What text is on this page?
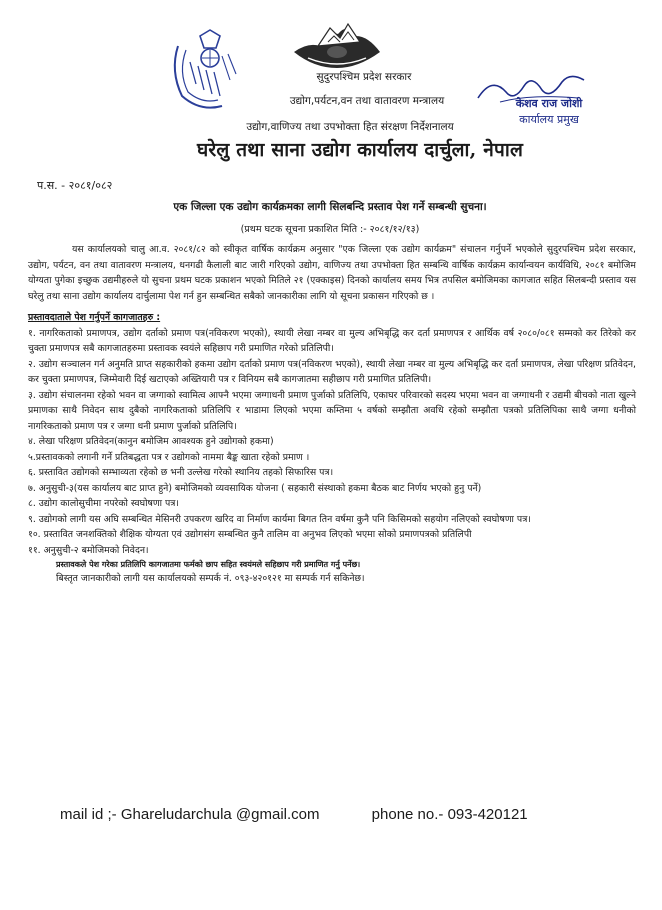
सुदुरपश्चिम प्रदेश सरकार
उद्योग,पर्यटन,वन तथा वातावरण मन्त्रालय
उद्योग,वाणिज्य तथा उपभोक्ता हित संरक्षण निर्देशनालय
घरेलु तथा साना उद्योग कार्यालय दार्चुला, नेपाल
केशव राज जोशी
कार्यालय प्रमुख
प.स. - २०८१/०८२
एक जिल्ला एक उद्योग कार्यक्रमका लागी सिलबन्दि प्रस्ताव पेश गर्ने सम्बन्धी सुचना।
(प्रथम घटक सूचना प्रकाशित मिति :- २०८१/१२/१३)

यस कार्यालयको चालु आ.व. २०८१/८२ को स्वीकृत वार्षिक कार्यक्रम अनुसार "एक जिल्ला एक उद्योग कार्यक्रम" संचालन गर्नुपर्ने भएकोले सुदुरपश्चिम प्रदेश सरकार, उद्योग, पर्यटन, वन तथा वातावरण मन्त्रालय, धनगढी कैलाली बाट जारी गरिएको उद्योग, वाणिज्य तथा उपभोक्ता हित सम्बन्धि वार्षिक कार्यक्रम कार्यान्वयन कार्यविधि, २०८१ बमोजिम योग्यता पुगेका इच्छुक उद्यमीहरुले यो सुचना प्रथम घटक प्रकाशन भएको मितिले २१ (एक्काइस) दिनको कार्यालय समय भित्र तपसिल बमोजिमका कागजात सहित सिलबन्दी प्रस्ताव यस घरेलु तथा साना उद्योग कार्यालय दार्चुलामा पेश गर्न हुन सम्बन्धित सबैको जानकारीका लागि यो सूचना प्रकासन गरिएको छ ।

प्रस्तावदाताले पेश गर्नुपर्ने कागजातहरु :
१. नागरिकताको प्रमाणपत्र, उद्योग दर्ताको प्रमाण पत्र(नविकरण भएको), स्थायी लेखा नम्बर वा मुल्य अभिबृद्धि कर दर्ता प्रमाणपत्र र आर्थिक वर्ष २०८०/०८१ सम्मको कर तिरेको कर चुक्ता प्रमाणपत्र सबै कागजातहरुमा प्रस्तावक स्वयंले सहिछाप गरी प्रमाणित गरेको प्रतिलिपी।
२. उद्योग सञ्चालन गर्न अनुमति प्राप्त सहकारीको हकमा उद्योग दर्ताको प्रमाण पत्र(नविकरण भएको), स्थायी लेखा नम्बर वा मुल्य अभिबृद्धि कर दर्ता प्रमाणपत्र, लेखा परिक्षण प्रतिवेदन, कर चुक्ता प्रमाणपत्र, जिम्मेवारी दिई खटाएको अख्तियारी पत्र र विनियम सबै कागजातमा सहीछाप गरी प्रमाणित प्रतिलिपी।
३. उद्योग संचालनमा रहेको भवन वा जग्गाको स्वामित्व आफ्नै भएमा जग्गाधनी प्रमाण पुर्जाको प्रतिलिपि, एकाघर परिवारको सदस्य भएमा भवन वा जग्गाधनी र उद्यमी बीचको नाता खुल्ने प्रमाणका साथै निवेदन साथ दुबैको नागरिकताको प्रतिलिपि र भाडामा लिएको भएमा कम्तिमा ५ वर्षको सम्झौता अवधि रहेको सम्झौता पत्रको प्रतिलिपिका साथै जग्गा धनीको नागरिकताको प्रमाण पत्र र जग्गा धनी प्रमाण पुर्जाको प्रतिलिपि।
४. लेखा परिक्षण प्रतिवेदन(कानुन बमोजिम आवश्यक हुने उद्योगको हकमा)
५.प्रस्तावकको लगानी गर्ने प्रतिबद्धता पत्र र उद्योगको नाममा बैङ्क खाता रहेको प्रमाण ।
६. प्रस्तावित उद्योगको सम्भाव्यता रहेको छ भनी उल्लेख गरेको स्थानिय तहको सिफारिस पत्र।
७. अनुसुची-३(यस कार्यालय बाट प्राप्त हुने) बमोजिमको व्यवसायिक योजना ( सहकारी संस्थाको हकमा बैठक बाट निर्णय भएको हुनु पर्ने)
८. उद्योग कालोसुचीमा नपरेको स्वघोषणा पत्र।
९. उद्योगको लागी यस अघि सम्बन्धित मेसिनरी उपकरण खरिद वा निर्माण कार्यमा बिगत तिन वर्षमा कुनै पनि किसिमको सहयोग नलिएको स्वघोषणा पत्र।
१०. प्रस्तावित जनशक्तिको शैक्षिक योग्यता एवं उद्योगसंग सम्बन्धित कुनै तालिम वा अनुभव लिएको भएमा सोको प्रमाणपत्रको प्रतिलिपी
११. अनुसुची-२ बमोजिमको निवेदन।
प्रस्तावकले पेश गरेका प्रतिलिपि कागजातमा फर्मको छाप सहित स्वयंमले सहिछाप गरी प्रमाणित गर्नु पर्नेछ।
बिस्तृत जानकारीको लागी यस कार्यालयको सम्पर्क नं. ०९३-४२०१२१ मा सम्पर्क गर्न सकिनेछ।
mail id ;- Ghareludarchula @gmail.com	phone no.- 093-420121
